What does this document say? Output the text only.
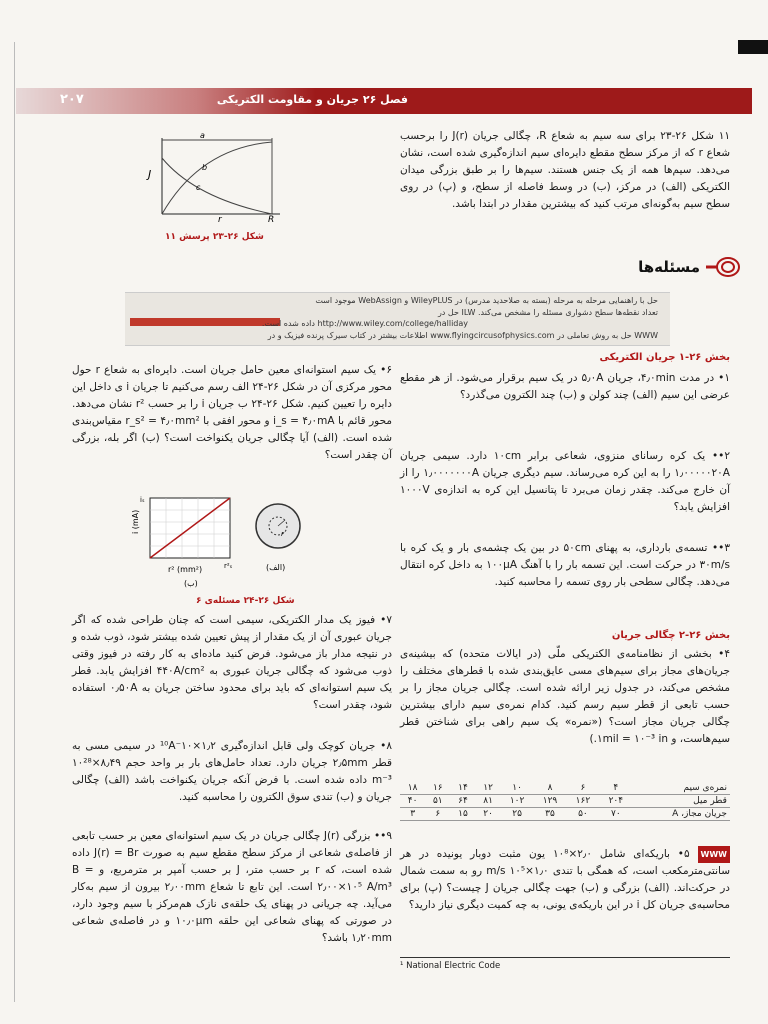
فصل ۲۶ جریان و مقاومت الکتریکی
۲۰۷
۱۱ شکل ۲۶-۲۳ برای سه سیم به شعاع R، چگالی جریان J(r) را برحسب شعاع r که از مرکز سطح مقطع دایره‌ای سیم اندازه‌گیری شده است، نشان می‌دهد. سیم‌ها همه از یک جنس هستند. سیم‌ها را بر طبق بزرگی میدان الکتریکی (الف) در مرکز، (ب) در وسط فاصله از سطح، و (پ) در روی سطح سیم به‌گونه‌ای مرتب کنید که بیشترین مقدار در ابتدا باشد.
J
r	R
a
b
c
شکل ۲۶-۲۳ پرسش ۱۱
مسئله‌ها
حل با راهنمایی مرحله به مرحله (بسته به صلاحدید مدرس) در WileyPLUS و WebAssign موجود است
تعداد نقطه‌ها سطح دشواری مسئله را مشخص می‌کند. ILW حل در
http://www.wiley.com/college/halliday داده شده است.
WWW حل به روش تعاملی در www.flyingcircusofphysics.com اطلاعات بیشتر در کتاب سیرک پرنده فیزیک و در
بخش ۲۶-۱ جریان الکتریکی
۱• در مدت ۴٫۰min، جریان ۵٫۰A در یک سیم برقرار می‌شود. از هر مقطع عرضی این سیم (الف) چند کولن و (ب) چند الکترون می‌گذرد؟
۲•• یک کره رسانای منزوی، شعاعی برابر ۱۰cm دارد. سیمی جریان ۱٫۰۰۰۰۰۲۰A را به این کره می‌رساند. سیم دیگری جریان ۱٫۰۰۰۰۰۰۰A را از آن خارج می‌کند. چقدر زمان می‌برد تا پتانسیل این کره به اندازه‌ی ۱۰۰۰V افزایش یابد؟
۳•• تسمه‌ی بارداری، به پهنای ۵۰cm در بین یک چشمه‌ی بار و یک کره با ۳۰m/s در حرکت است. این تسمه بار را با آهنگ ۱۰۰μA به داخل کره انتقال می‌دهد. چگالی سطحی بار روی تسمه را محاسبه کنید.
بخش ۲۶-۲ چگالی جریان
۴• بخشی از نظامنامه‌ی الکتریکی ملّی (در ایالات متحده) که بیشینه‌ی جریان‌های مجاز برای سیم‌های مسی عایق‌بندی شده با قطرهای مختلف را مشخص می‌کند، در جدول زیر ارائه شده است. چگالی جریان مجاز را بر حسب تابعی از قطر سیم رسم کنید. کدام نمره‌ی سیم دارای بیشترین چگالی جریان مجاز است؟ («نمره» یک سیم راهی برای شناختن قطر سیم‌هاست، و ۱mil = ۱۰⁻³ in.)
نمره‌ی سیم	۴	۶	۸	۱۰	۱۲	۱۴	۱۶	۱۸
قطر میل	۲۰۴	۱۶۲	۱۲۹	۱۰۲	۸۱	۶۴	۵۱	۴۰
جریان مجاز، A	۷۰	۵۰	۳۵	۲۵	۲۰	۱۵	۶	۳
WWW ۵• باریکه‌ای شامل ۲٫۰×۱۰⁸ یون مثبت دوبار یونیده در هر سانتی‌مترمکعب است، که همگی با تندی ۱٫۰×۱۰⁵ m/s رو به سمت شمال در حرکت‌اند. (الف) بزرگی و (ب) جهت چگالی جریان J چیست؟ (پ) برای محاسبه‌ی جریان کل i در این باریکه‌ی یونی، به چه کمیت دیگری نیاز دارید؟
¹ National Electric Code
۶• یک سیم استوانه‌ای معین حامل جریان است. دایره‌ای به شعاع r حول محور مرکزی آن در شکل ۲۶-۲۴ الف رسم می‌کنیم تا جریان i ی داخل این دایره را تعیین کنیم. شکل ۲۶-۲۴ ب جریان i را بر حسب r² نشان می‌دهد. محور قائم با i_s = ۴٫۰mA و محور افقی با r_s² = ۴٫۰mm² مقیاس‌بندی شده است. (الف) آیا چگالی جریان یکنواخت است؟ (ب) اگر بله، بزرگی آن چقدر است؟
i (mA)
r² (mm²)
iₛ
r²ₛ
(ب)
r
(الف)
شکل ۲۶-۲۴ مسئله‌ی ۶
۷• فیوز یک مدار الکتریکی، سیمی است که چنان طراحی شده که اگر جریان عبوری آن از یک مقدار از پیش تعیین شده بیشتر شود، ذوب شده و در نتیجه مدار باز می‌شود. فرض کنید ماده‌ای به کار رفته در فیوز وقتی ذوب می‌شود که چگالی جریان عبوری به ۴۴۰A/cm² افزایش یابد. قطر یک سیم استوانه‌ای که باید برای محدود ساختن جریان به ۰٫۵۰A استفاده شود، چقدر است؟
۸• جریان کوچک ولی قابل اندازه‌گیری ۱٫۲×۱۰⁻¹⁰A در سیمی مسی به قطر ۲٫۵mm جریان دارد. تعداد حامل‌های بار بر واحد حجم ۸٫۴۹×۱۰²⁸ m⁻³ داده شده است. با فرض آنکه جریان یکنواخت باشد (الف) چگالی جریان و (ب) تندی سوق الکترون را محاسبه کنید.
۹•• بزرگی J(r) چگالی جریان در یک سیم استوانه‌ای معین بر حسب تابعی از فاصله‌ی شعاعی از مرکز سطح مقطع سیم به صورت J(r) = Br داده شده است، که r بر حسب متر، J بر حسب آمپر بر مترمربع، و B = ۲٫۰۰×۱۰⁵ A/m³ است. این تابع تا شعاع ۲٫۰۰mm بیرون از سیم به‌کار می‌آید. چه جریانی در پهنای یک حلقه‌ی نازک هم‌مرکز با سیم وجود دارد، در صورتی که پهنای شعاعی این حلقه ۱۰٫۰μm و در فاصله‌ی شعاعی ۱٫۲۰mm باشد؟
